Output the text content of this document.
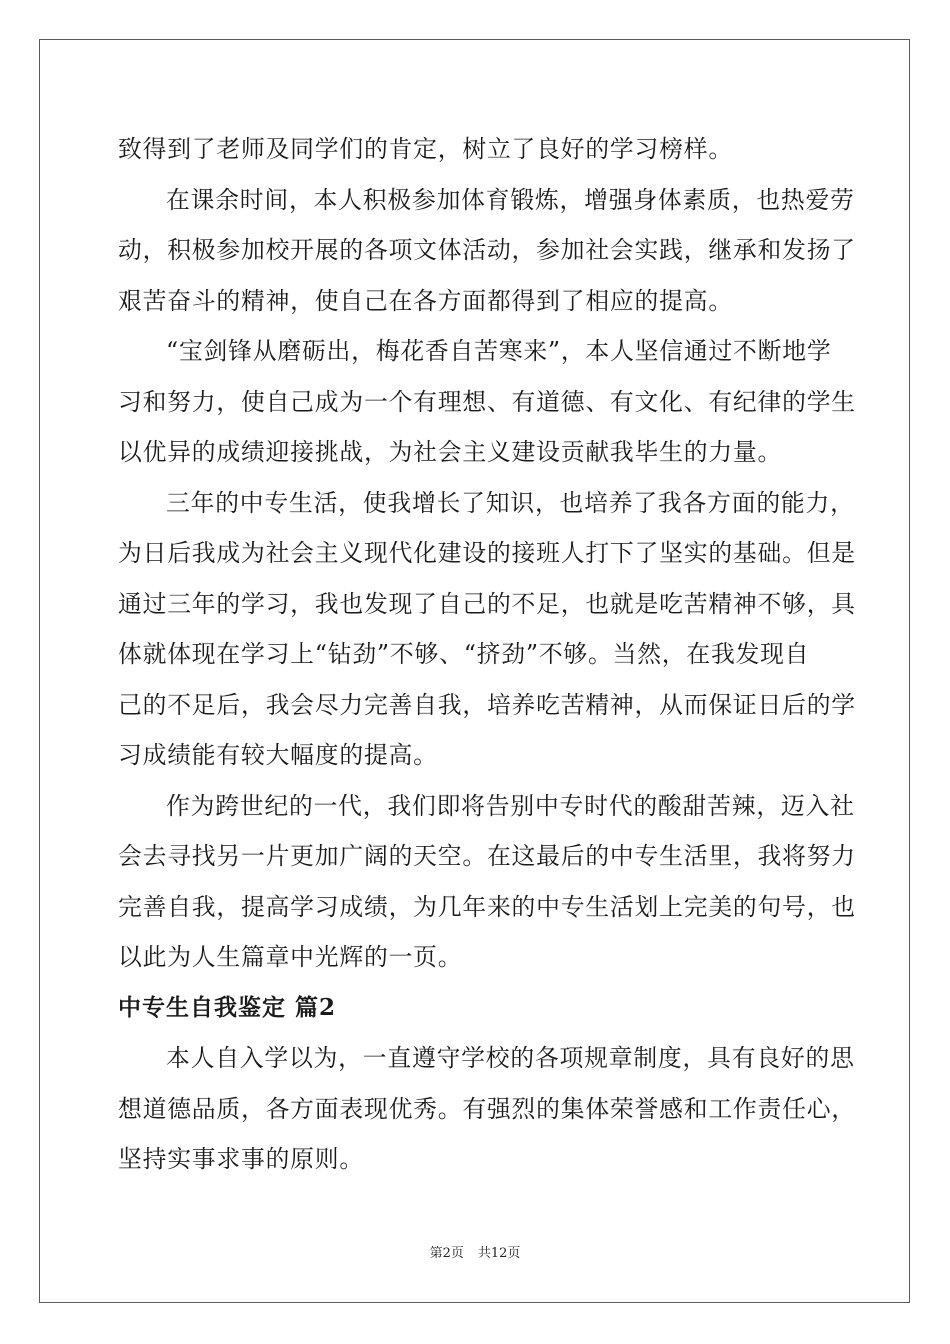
致得到了老师及同学们的肯定，树立了良好的学习榜样。

在课余时间，本人积极参加体育锻炼，增强身体素质，也热爱劳
动，积极参加校开展的各项文体活动，参加社会实践，继承和发扬了
艰苦奋斗的精神，使自己在各方面都得到了相应的提高。

“宝剑锋从磨砺出，梅花香自苦寒来”，本人坚信通过不断地学
习和努力，使自己成为一个有理想、有道德、有文化、有纪律的学生
以优异的成绩迎接挑战，为社会主义建设贡献我毕生的力量。

三年的中专生活，使我增长了知识，也培养了我各方面的能力，
为日后我成为社会主义现代化建设的接班人打下了坚实的基础。但是
通过三年的学习，我也发现了自己的不足，也就是吃苦精神不够，具
体就体现在学习上“钻劲”不够、“挤劲”不够。当然，在我发现自
己的不足后，我会尽力完善自我，培养吃苦精神，从而保证日后的学
习成绩能有较大幅度的提高。

作为跨世纪的一代，我们即将告别中专时代的酸甜苦辣，迈入社
会去寻找另一片更加广阔的天空。在这最后的中专生活里，我将努力
完善自我，提高学习成绩，为几年来的中专生活划上完美的句号，也
以此为人生篇章中光辉的一页。

中专生自我鉴定 篇2

本人自入学以为，一直遵守学校的各项规章制度，具有良好的思
想道德品质，各方面表现优秀。有强烈的集体荣誉感和工作责任心，
坚持实事求事的原则。

第2页 共12页
